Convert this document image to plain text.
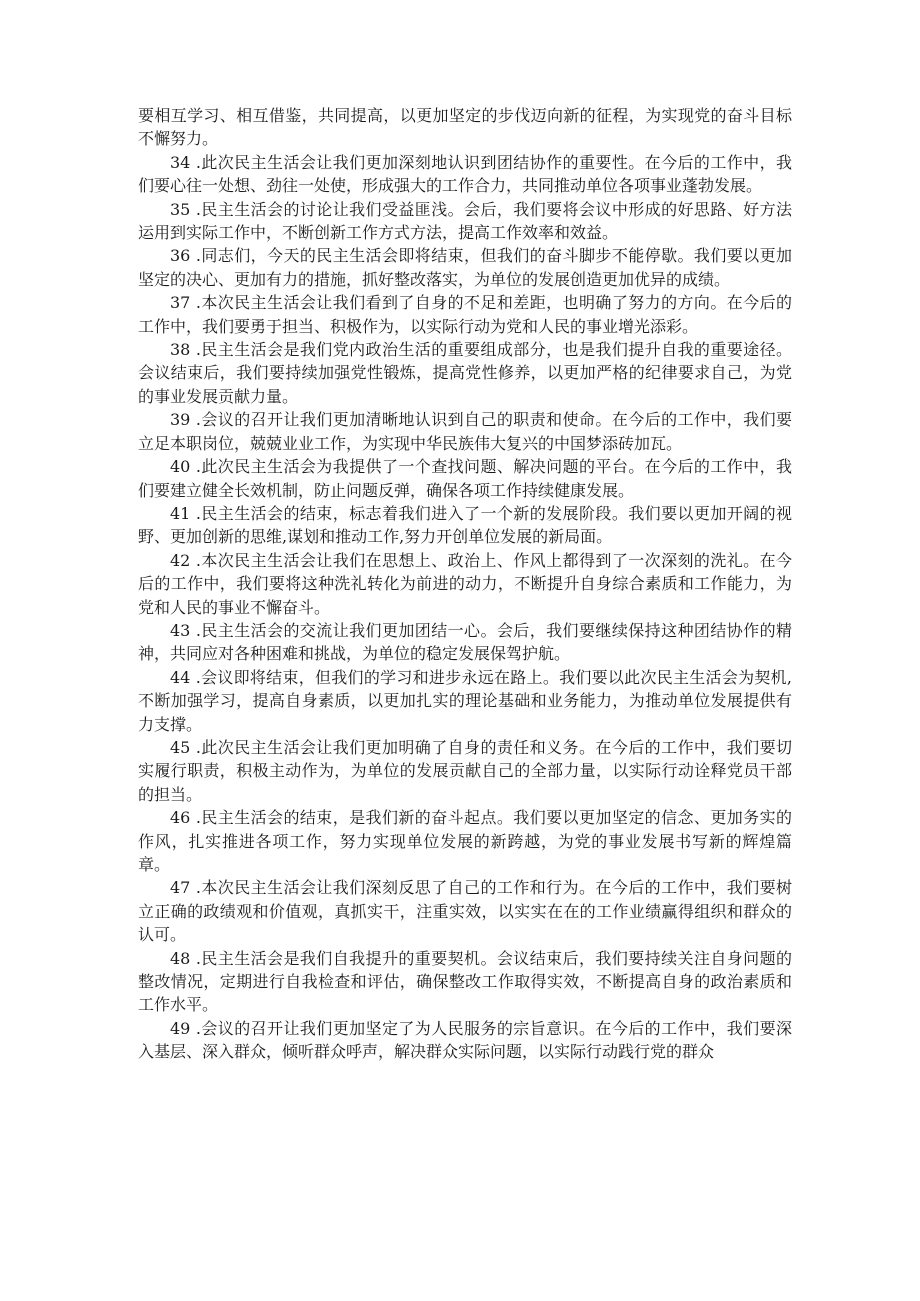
要相互学习、相互借鉴，共同提高，以更加坚定的步伐迈向新的征程，为实现党的奋斗目标不懈努力。

34 .此次民主生活会让我们更加深刻地认识到团结协作的重要性。在今后的工作中，我们要心往一处想、劲往一处使，形成强大的工作合力，共同推动单位各项事业蓬勃发展。

35 .民主生活会的讨论让我们受益匪浅。会后，我们要将会议中形成的好思路、好方法运用到实际工作中，不断创新工作方式方法，提高工作效率和效益。

36 .同志们，今天的民主生活会即将结束，但我们的奋斗脚步不能停歇。我们要以更加坚定的决心、更加有力的措施，抓好整改落实，为单位的发展创造更加优异的成绩。

37 .本次民主生活会让我们看到了自身的不足和差距，也明确了努力的方向。在今后的工作中，我们要勇于担当、积极作为，以实际行动为党和人民的事业增光添彩。

38 .民主生活会是我们党内政治生活的重要组成部分，也是我们提升自我的重要途径。会议结束后，我们要持续加强党性锻炼，提高党性修养，以更加严格的纪律要求自己，为党的事业发展贡献力量。

39 .会议的召开让我们更加清晰地认识到自己的职责和使命。在今后的工作中，我们要立足本职岗位，兢兢业业工作，为实现中华民族伟大复兴的中国梦添砖加瓦。

40 .此次民主生活会为我提供了一个查找问题、解决问题的平台。在今后的工作中，我们要建立健全长效机制，防止问题反弹，确保各项工作持续健康发展。

41 .民主生活会的结束，标志着我们进入了一个新的发展阶段。我们要以更加开阔的视野、更加创新的思维,谋划和推动工作,努力开创单位发展的新局面。

42 .本次民主生活会让我们在思想上、政治上、作风上都得到了一次深刻的洗礼。在今后的工作中，我们要将这种洗礼转化为前进的动力，不断提升自身综合素质和工作能力，为党和人民的事业不懈奋斗。

43 .民主生活会的交流让我们更加团结一心。会后，我们要继续保持这种团结协作的精神，共同应对各种困难和挑战，为单位的稳定发展保驾护航。

44 .会议即将结束，但我们的学习和进步永远在路上。我们要以此次民主生活会为契机,不断加强学习，提高自身素质，以更加扎实的理论基础和业务能力，为推动单位发展提供有力支撑。

45 .此次民主生活会让我们更加明确了自身的责任和义务。在今后的工作中，我们要切实履行职责，积极主动作为，为单位的发展贡献自己的全部力量，以实际行动诠释党员干部的担当。

46 .民主生活会的结束，是我们新的奋斗起点。我们要以更加坚定的信念、更加务实的作风，扎实推进各项工作，努力实现单位发展的新跨越，为党的事业发展书写新的辉煌篇章。

47 .本次民主生活会让我们深刻反思了自己的工作和行为。在今后的工作中，我们要树立正确的政绩观和价值观，真抓实干，注重实效，以实实在在的工作业绩赢得组织和群众的认可。

48 .民主生活会是我们自我提升的重要契机。会议结束后，我们要持续关注自身问题的整改情况，定期进行自我检查和评估，确保整改工作取得实效，不断提高自身的政治素质和工作水平。

49 .会议的召开让我们更加坚定了为人民服务的宗旨意识。在今后的工作中，我们要深入基层、深入群众，倾听群众呼声，解决群众实际问题，以实际行动践行党的群众
